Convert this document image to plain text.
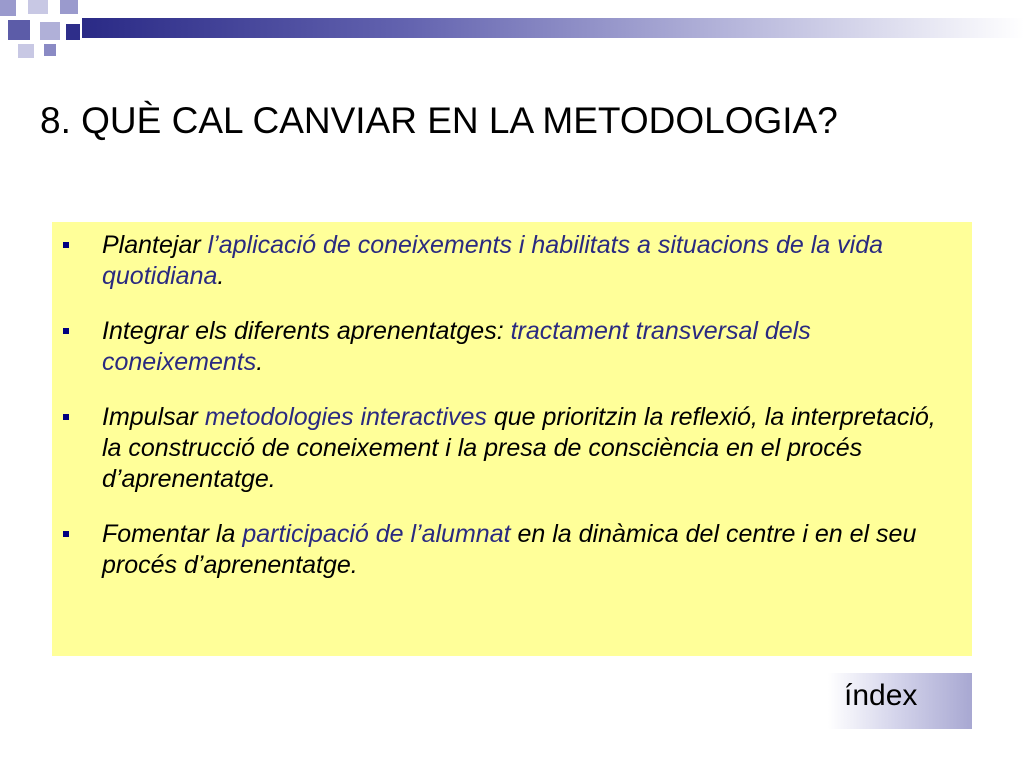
8. QUÈ CAL CANVIAR EN LA METODOLOGIA?
Plantejar l’aplicació de coneixements i habilitats a situacions de la vida quotidiana.
Integrar els diferents aprenentatges: tractament transversal dels coneixements.
Impulsar metodologies interactives que prioritzin la reflexió, la interpretació, la construcció de coneixement i la presa de consciència en el procés d’aprenentatge.
Fomentar la participació de l’alumnat en la dinàmica del centre i en el seu procés d’aprenentatge.
índex
